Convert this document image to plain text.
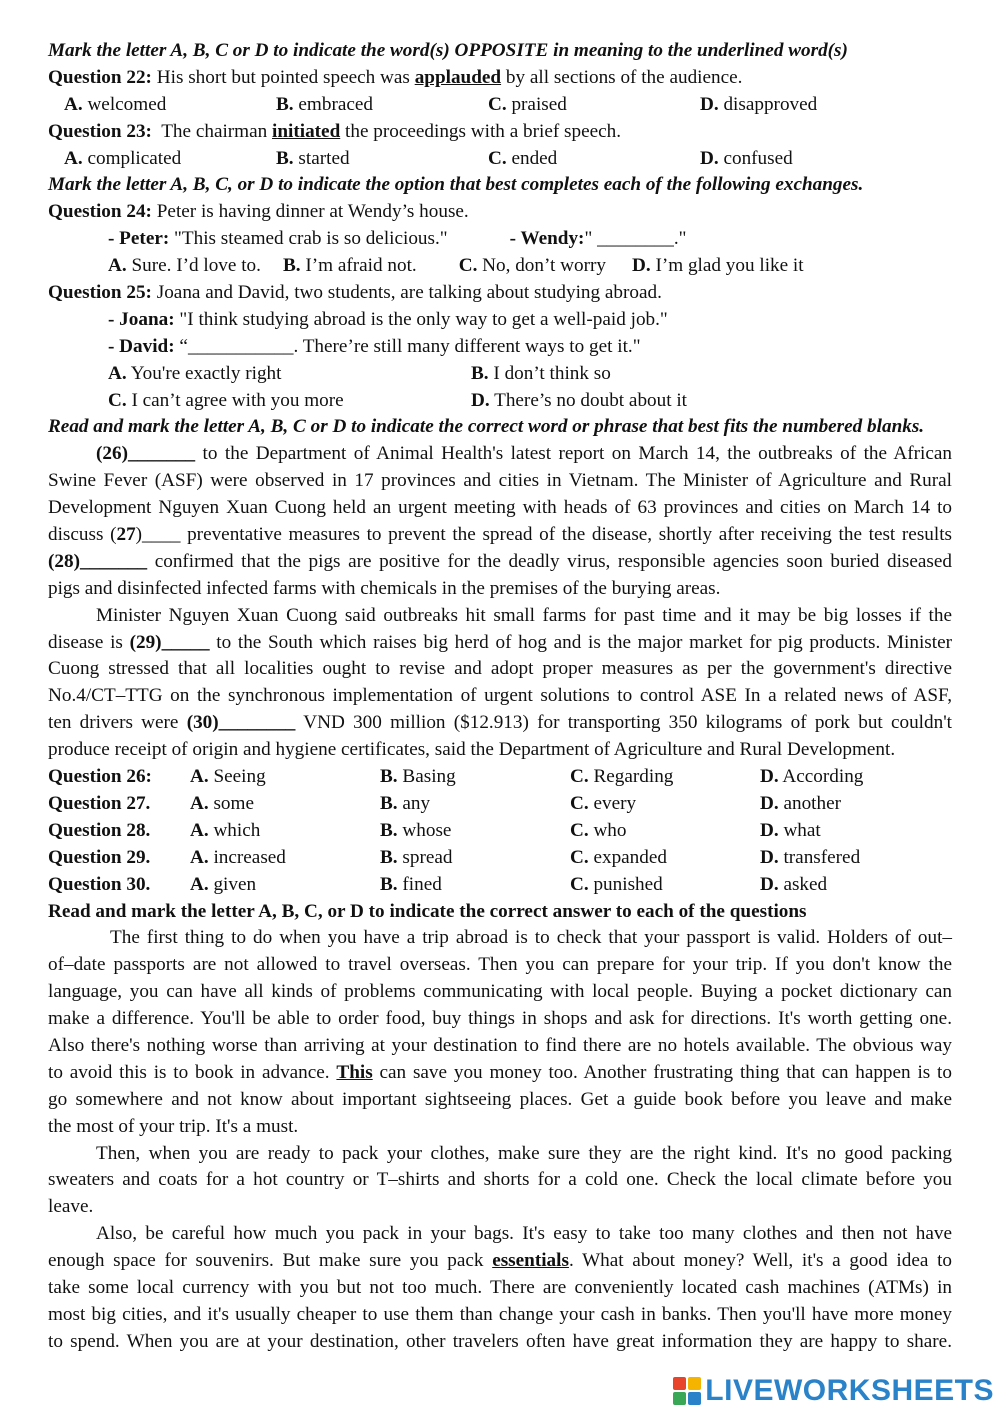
Mark the letter A, B, C or D to indicate the word(s) OPPOSITE in meaning to the underlined word(s)
Question 22: His short but pointed speech was applauded by all sections of the audience.
A. welcomed	B. embraced	C. praised	D. disapproved
Question 23:  The chairman initiated the proceedings with a brief speech.
A. complicated	B. started	C. ended	D. confused
Mark the letter A, B, C, or D to indicate the option that best completes each of the following exchanges.
Question 24: Peter is having dinner at Wendy’s house.
- Peter: "This steamed crab is so delicious."	- Wendy:" ________."
A. Sure. I’d love to. B. I’m afraid not. C. No, don’t worry D. I’m glad you like it
Question 25: Joana and David, two students, are talking about studying abroad.
- Joana: "I think studying abroad is the only way to get a well-paid job."
- David: “___________. There’re still many different ways to get it."
A. You're exactly right	B. I don’t think so
C. I can’t agree with you more	D. There’s no doubt about it
Read and mark the letter A, B, C or D to indicate the correct word or phrase that best fits the numbered blanks.
(26)_______ to the Department of Animal Health's latest report on March 14, the outbreaks of the African
Swine Fever (ASF) were observed in 17 provinces and cities in Vietnam. The Minister of Agriculture and Rural
Development Nguyen Xuan Cuong held an urgent meeting with heads of 63 provinces and cities on March 14 to
discuss (27)____ preventative measures to prevent the spread of the disease, shortly after receiving the test results
(28)_______ confirmed that the pigs are positive for the deadly virus, responsible agencies soon buried diseased
pigs and disinfected infected farms with chemicals in the premises of the burying areas.
Minister Nguyen Xuan Cuong said outbreaks hit small farms for past time and it may be big losses if the
disease is (29)_____ to the South which raises big herd of hog and is the major market for pig products. Minister
Cuong stressed that all localities ought to revise and adopt proper measures as per the government's directive
No.4/CT–TTG on the synchronous implementation of urgent solutions to control ASE In a related news of ASF,
ten drivers were (30)________ VND 300 million ($12.913) for transporting 350 kilograms of pork but couldn't
produce receipt of origin and hygiene certificates, said the Department of Agriculture and Rural Development.
Question 26:	A. Seeing	B. Basing	C. Regarding	D. According
Question 27.	A. some	B. any	C. every	D. another
Question 28.	A. which	B. whose	C. who	D. what
Question 29.	A. increased	B. spread	C. expanded	D. transfered
Question 30.	A. given	B. fined	C. punished	D. asked
Read and mark the letter A, B, C, or D to indicate the correct answer to each of the questions
The first thing to do when you have a trip abroad is to check that your passport is valid. Holders of out–
of–date passports are not allowed to travel overseas. Then you can prepare for your trip. If you don't know the
language, you can have all kinds of problems communicating with local people. Buying a pocket dictionary can
make a difference. You'll be able to order food, buy things in shops and ask for directions. It's worth getting one.
Also there's nothing worse than arriving at your destination to find there are no hotels available. The obvious way
to avoid this is to book in advance. This can save you money too. Another frustrating thing that can happen is to
go somewhere and not know about important sightseeing places. Get a guide book before you leave and make
the most of your trip. It's a must.
Then, when you are ready to pack your clothes, make sure they are the right kind. It's no good packing
sweaters and coats for a hot country or T–shirts and shorts for a cold one. Check the local climate before you
leave.
Also, be careful how much you pack in your bags. It's easy to take too many clothes and then not have
enough space for souvenirs. But make sure you pack essentials. What about money? Well, it's a good idea to
take some local currency with you but not too much. There are conveniently located cash machines (ATMs) in
most big cities, and it's usually cheaper to use them than change your cash in banks. Then you'll have more money
to spend. When you are at your destination, other travelers often have great information they are happy to share.
LIVEWORKSHEETS
